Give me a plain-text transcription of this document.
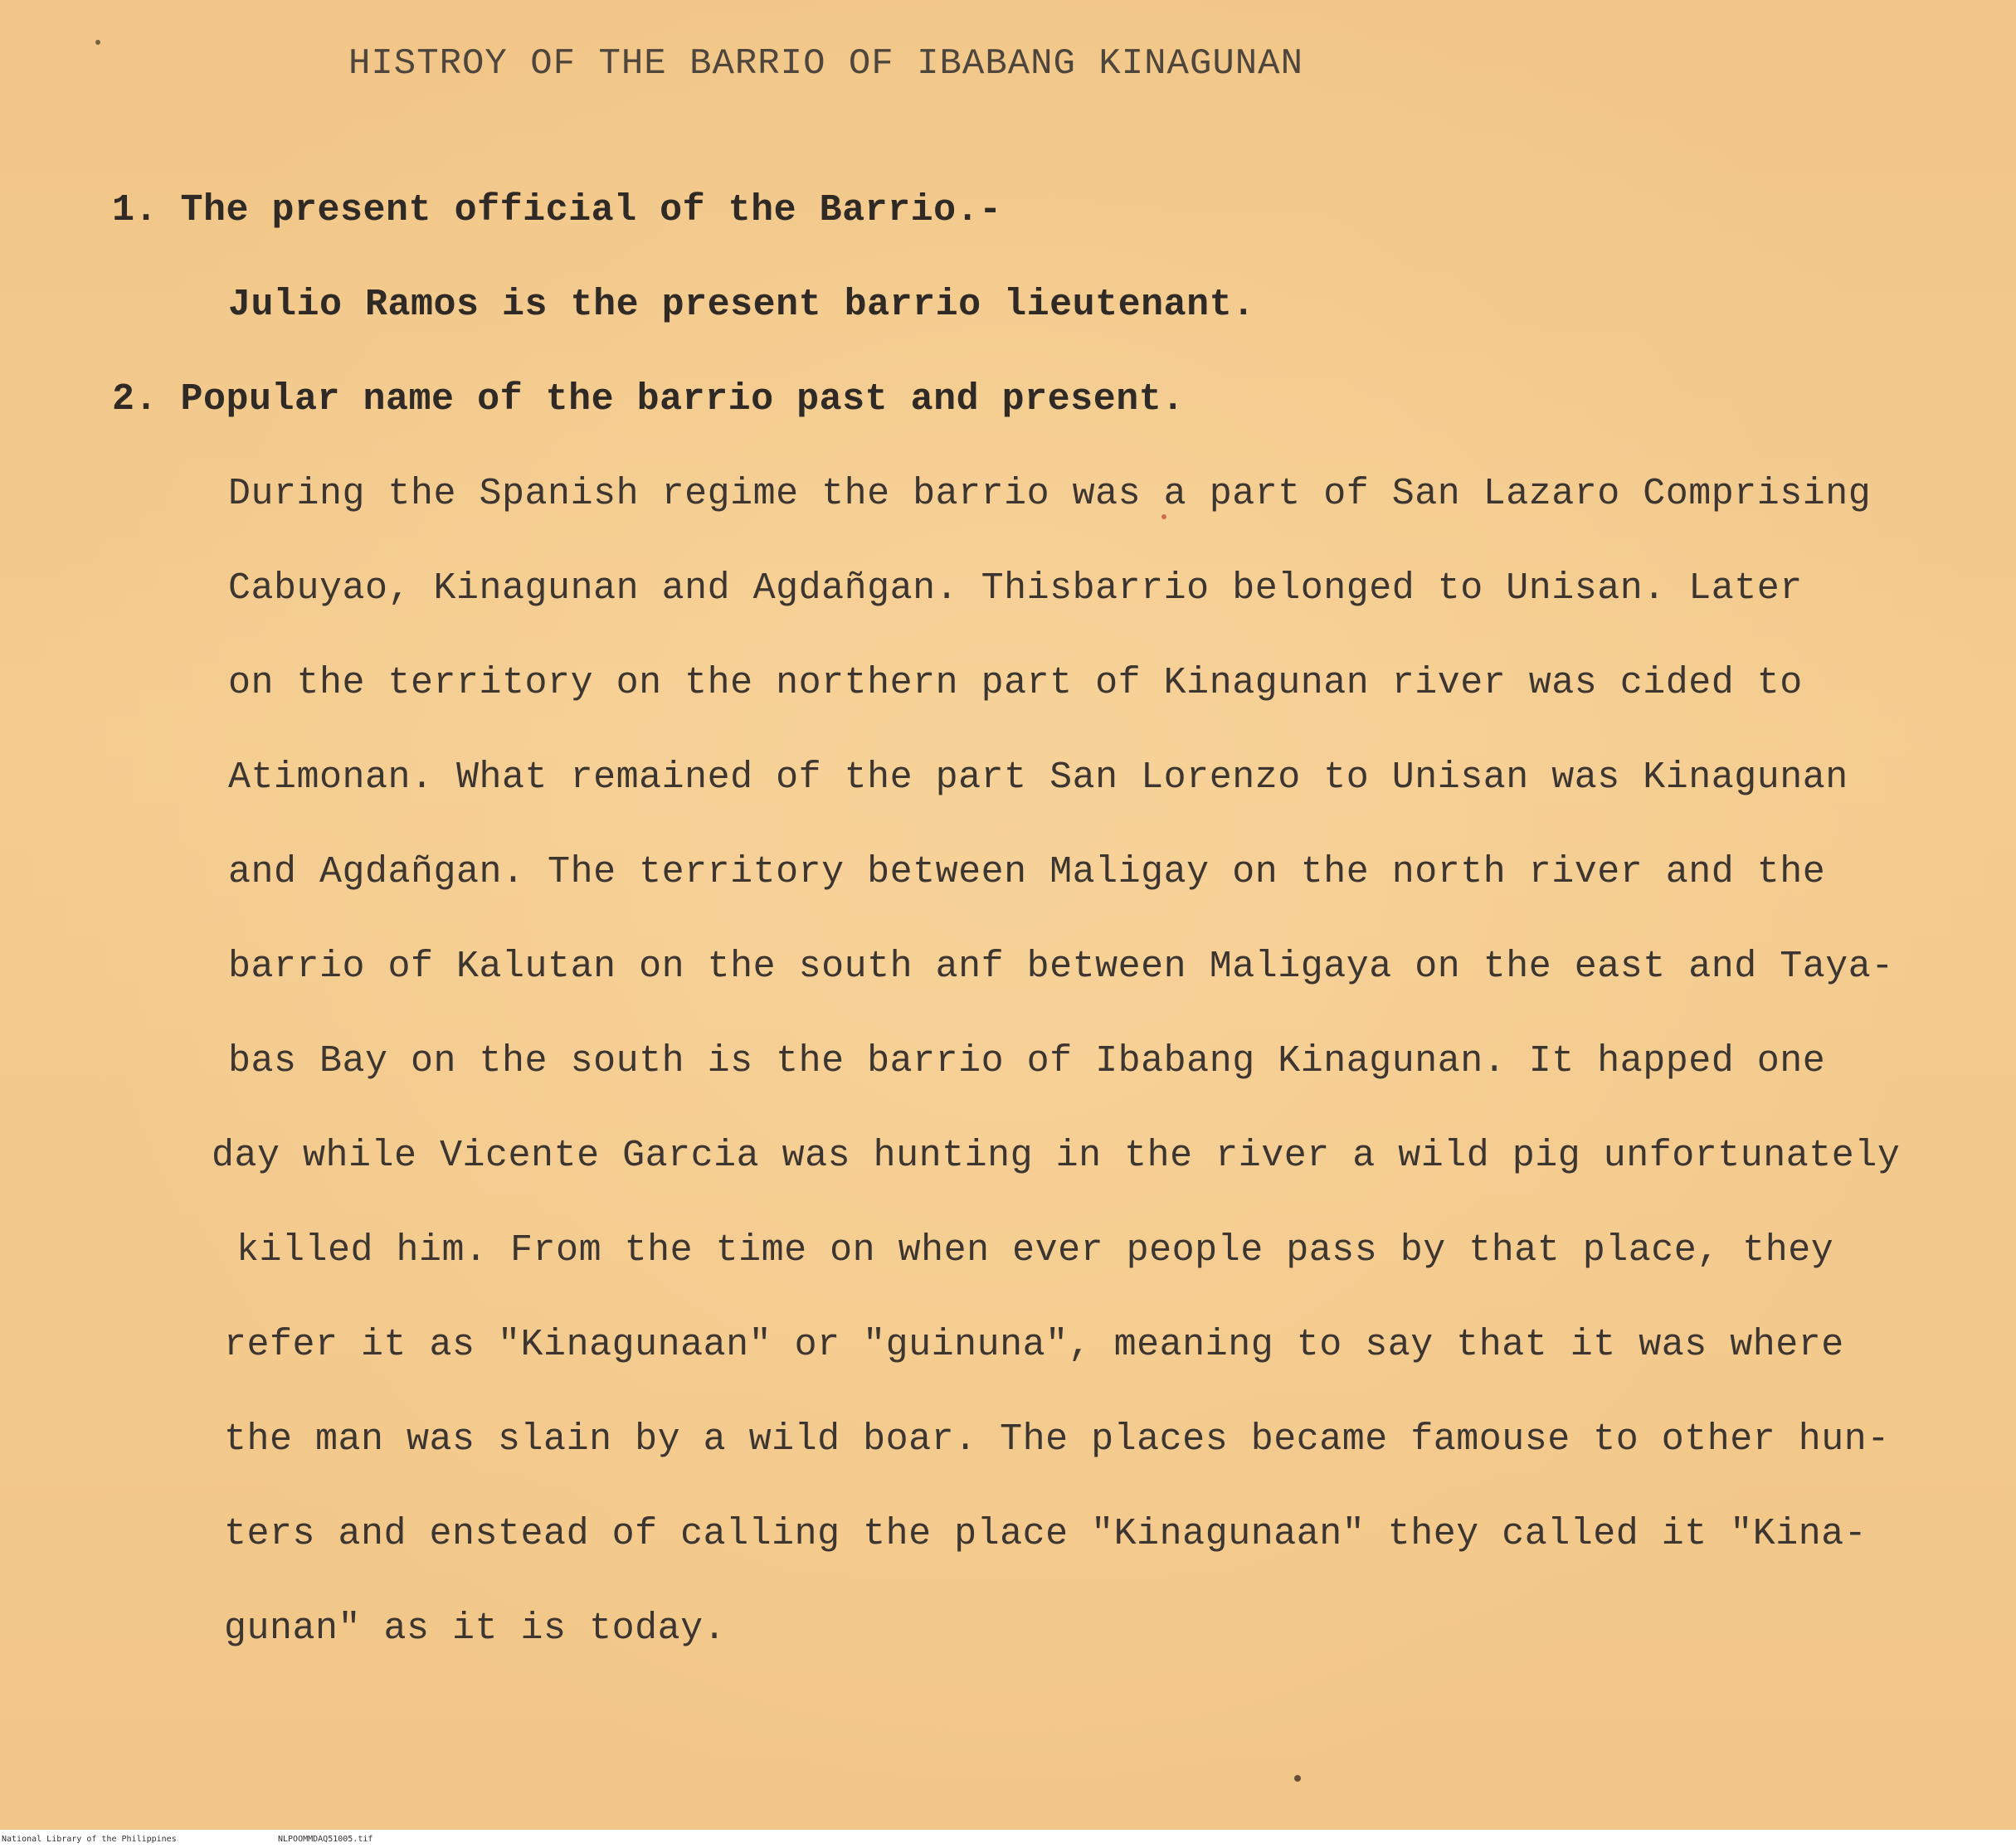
HISTROY OF THE BARRIO OF IBABANG KINAGUNAN
1. The present official of the Barrio.-
Julio Ramos is the present barrio lieutenant.
2. Popular name of the barrio past and present.
During the Spanish regime the barrio was a part of San Lazaro Comprising
Cabuyao, Kinagunan and Agdañgan. Thisbarrio belonged to Unisan. Later
on the territory on the northern part of Kinagunan river was cided to
Atimonan. What remained of the part San Lorenzo to Unisan was Kinagunan
and Agdañgan. The territory between Maligay on the north river and the
barrio of Kalutan on the south anf between Maligaya on the east and Taya-
bas Bay on the south is the barrio of Ibabang Kinagunan. It happed one
day while Vicente Garcia was hunting in the river a wild pig unfortunately
killed him. From the time on when ever people pass by that place, they
refer it as "Kinagunaan" or "guinuna", meaning to say that it was where
the man was slain by a wild boar. The places became famouse to other hun-
ters and enstead of calling the place "Kinagunaan" they called it "Kina-
gunan" as it is today.
National Library of the Philippines	NLPOOMMDAQ51005.tif
